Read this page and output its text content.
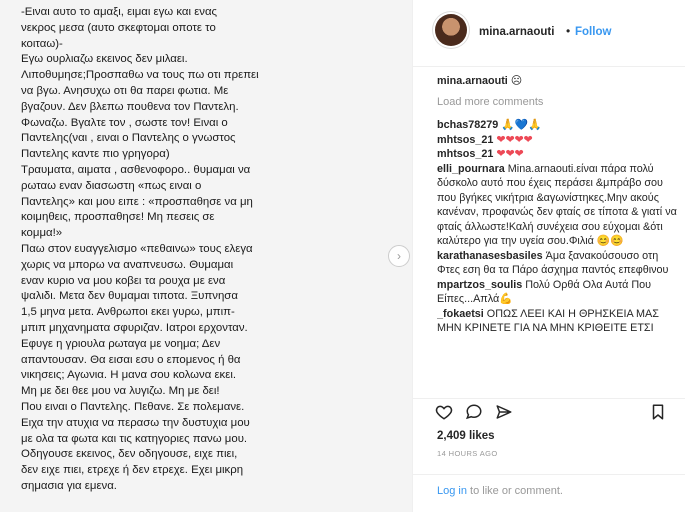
-Ειναι αυτο το αμαξι, ειμαι εγω και ενας
νεκρος μεσα (αυτο σκεφτομαι οποτε το
κοιταω)-
Εγω ουρλιαζω εκεινος δεν μιλαει.
Λιποθυμησε;Προσπαθω να τους πω οτι πρεπει
να βγω. Ανησυχω οτι θα παρει φωτια. Με
βγαζουν. Δεν βλεπω πουθενα τον Παντελη.
Φωναζω. Βγαλτε τον , σωστε τον! Ειναι ο
Παντελης(ναι , ειναι ο Παντελης ο γνωστος
Παντελης καντε πιο γρηγορα)
Τραυματα, αιματα , ασθενοφορο.. θυμαμαι να
ρωταω εναν διασωστη «πως ειναι ο
Παντελης» και μου ειπε : «προσπαθησε να μη
κοιμηθεις, προσπαθησε! Μη πεσεις σε
κομμα!»
Παω στον ευαγγελισμο «πεθαινω» τους ελεγα
χωρις να μπορω να αναπνευσω. Θυμαμαι
εναν κυριο να μου κοβει τα ρουχα με ενα
ψαλιδι. Μετα δεν θυμαμαι τιποτα. Ξυπνησα
1,5 μηνα μετα. Ανθρωποι εκει γυρω, μπιπ-
μπιπ μηχανηματα σφυριζαν. Ιατροι ερχονταν.
Εφυγε η γριουλα ρωταγα με νοημα; Δεν
απαντουσαν. Θα εισαι εσυ ο επομενος ή θα
νικησεις; Αγωνια. Η μανα σου κολωνα εκει.
Μη με δει θεε μου να λυγιζω. Μη με δει!
Που ειναι ο Παντελης. Πεθανε. Σε πολεμανε.
Ειχα την ατυχια να περασω την δυστυχια μου
με ολα τα φωτα και τις κατηγοριες πανω μου.
Οδηγουσε εκεινος, δεν οδηγουσε, ειχε πιει,
δεν ειχε πιει, ετρεχε ή δεν ετρεχε. Εχει μικρη
σημασια για εμενα.
›
mina.arnaouti • Follow

mina.arnaouti ☹

Load more comments

bchas78279 🙏💙🙏

mhtsos_21 ❤❤❤❤

mhtsos_21 ❤❤❤

elli_pournara Mina.arnaouti.είναι πάρα πολύ δύσκολο αυτό που έχεις περάσει &μπράβο σου που βγήκες νικήτρια &αγωνίστηκες.Μην ακούς κανέναν, προφανώς δεν φταίς σε τίποτα & γιατί να φταίς άλλωστε!Καλή συνέχεια σου εύχομαι &ότι καλύτερο για την υγεία σου.Φιλιά 😊😊

karathanasesbasiles Άμα ξανακούσουσο οτη Φτες εση θα τα Πάρο άσχημα παντός επεφθινου

mpartzos_soulis Πολύ Ορθά Ολα Αυτά Που Είπες...Απλά💪

_fokaetsi ΟΠΩΣ ΛΕΕΙ ΚΑΙ Η ΘΡΗΣΚΕΙΑ ΜΑΣ ΜΗΝ ΚΡΙΝΕΤΕ ΓΙΑ ΝΑ ΜΗΝ ΚΡΙΘΕΙΤΕ ΕΤΣΙ

2,409 likes
14 HOURS AGO
Log in to like or comment.
